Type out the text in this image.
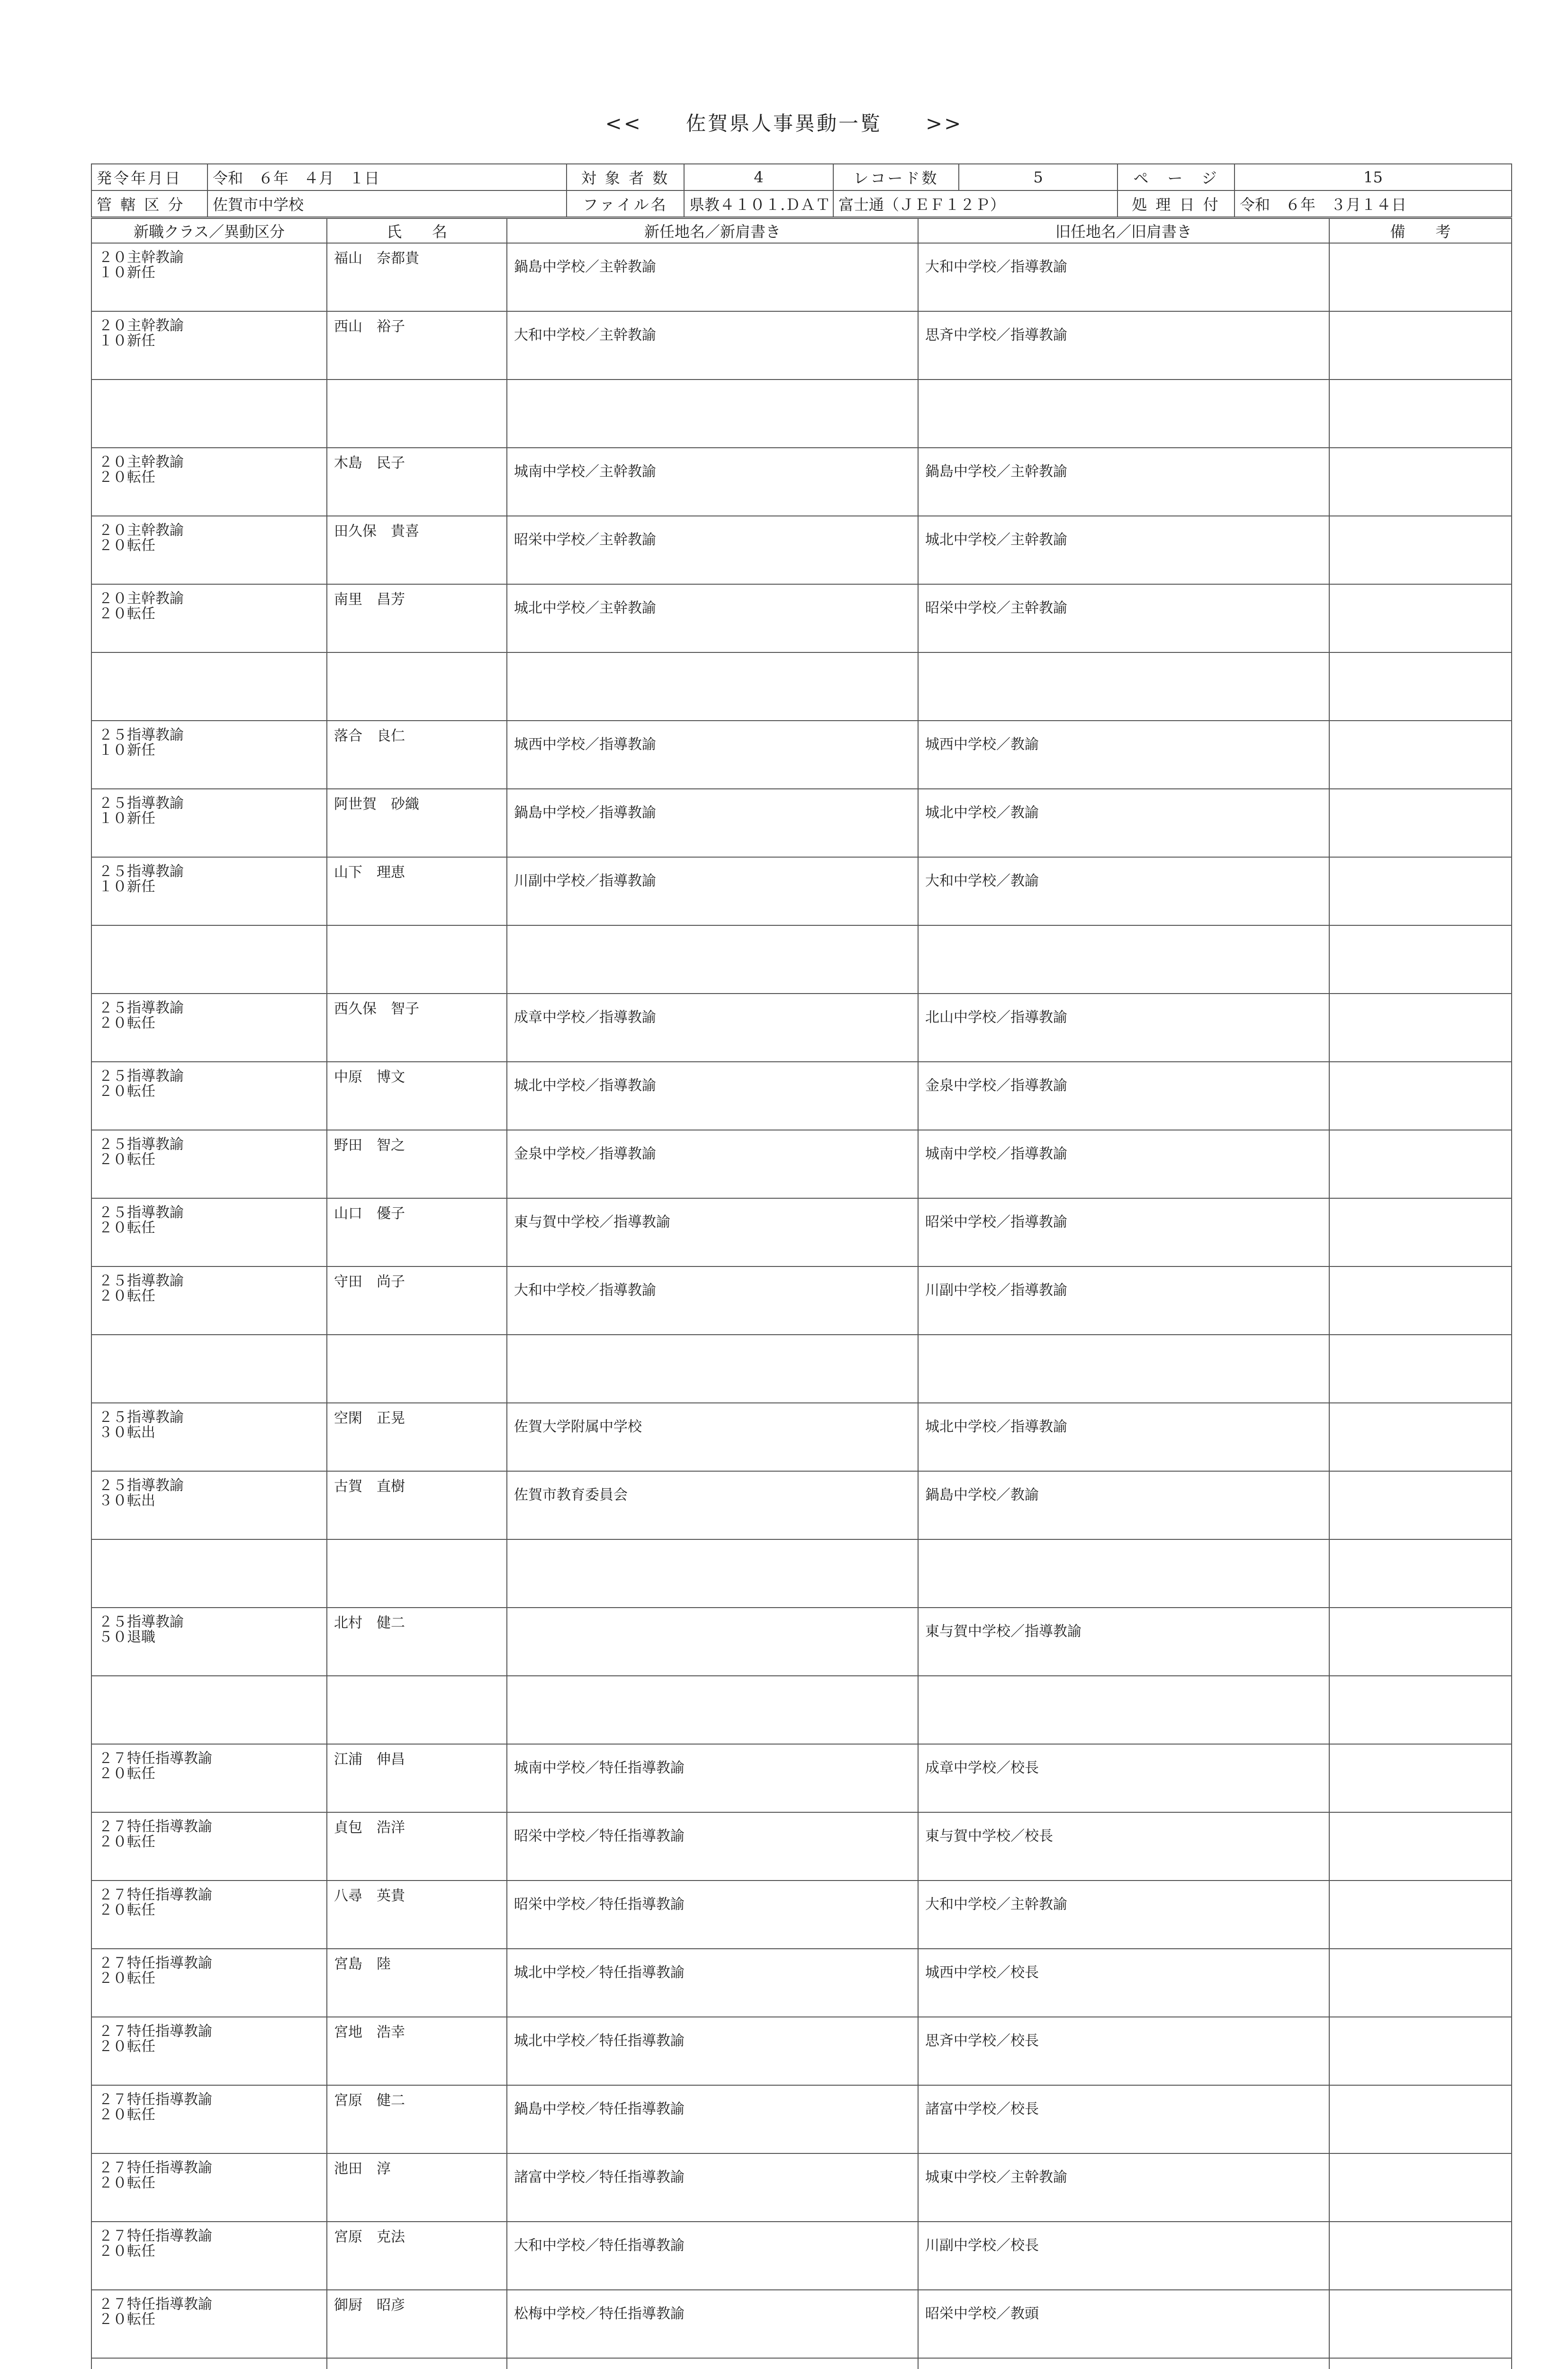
<<　　佐賀県人事異動一覧　　>>
発令年月日	令和　６年　４月　１日	対 象 者 数	4	レコード数	5	ペ　ー　ジ	15
管 轄 区 分	佐賀市中学校	ファイル名	県教４１０１.ＤＡＴ	富士通（ＪＥＦ１２Ｐ）		処 理 日 付	令和　６年　３月１４日
新職クラス／異動区分	氏　　名	新任地名／新肩書き	旧任地名／旧肩書き	備　　考

２０主幹教諭
１０新任	福山　奈都貴	鍋島中学校／主幹教諭	大和中学校／指導教諭	

２０主幹教諭
１０新任	西山　裕子	大和中学校／主幹教諭	思斉中学校／指導教諭	

２０主幹教諭
２０転任	木島　民子	城南中学校／主幹教諭	鍋島中学校／主幹教諭	

２０主幹教諭
２０転任	田久保　貴喜	昭栄中学校／主幹教諭	城北中学校／主幹教諭	

２０主幹教諭
２０転任	南里　昌芳	城北中学校／主幹教諭	昭栄中学校／主幹教諭	

２５指導教諭
１０新任	落合　良仁	城西中学校／指導教諭	城西中学校／教諭	

２５指導教諭
１０新任	阿世賀　砂織	鍋島中学校／指導教諭	城北中学校／教諭	

２５指導教諭
１０新任	山下　理恵	川副中学校／指導教諭	大和中学校／教諭	

２５指導教諭
２０転任	西久保　智子	成章中学校／指導教諭	北山中学校／指導教諭	

２５指導教諭
２０転任	中原　博文	城北中学校／指導教諭	金泉中学校／指導教諭	

２５指導教諭
２０転任	野田　智之	金泉中学校／指導教諭	城南中学校／指導教諭	

２５指導教諭
２０転任	山口　優子	東与賀中学校／指導教諭	昭栄中学校／指導教諭	

２５指導教諭
２０転任	守田　尚子	大和中学校／指導教諭	川副中学校／指導教諭	

２５指導教諭
３０転出	空閑　正晃	佐賀大学附属中学校	城北中学校／指導教諭	

２５指導教諭
３０転出	古賀　直樹	佐賀市教育委員会	鍋島中学校／教諭	

２５指導教諭
５０退職	北村　健二		東与賀中学校／指導教諭	

２７特任指導教諭
２０転任	江浦　伸昌	城南中学校／特任指導教諭	成章中学校／校長	

２７特任指導教諭
２０転任	貞包　浩洋	昭栄中学校／特任指導教諭	東与賀中学校／校長	

２７特任指導教諭
２０転任	八尋　英貴	昭栄中学校／特任指導教諭	大和中学校／主幹教諭	

２７特任指導教諭
２０転任	宮島　陸	城北中学校／特任指導教諭	城西中学校／校長	

２７特任指導教諭
２０転任	宮地　浩幸	城北中学校／特任指導教諭	思斉中学校／校長	

２７特任指導教諭
２０転任	宮原　健二	鍋島中学校／特任指導教諭	諸富中学校／校長	

２７特任指導教諭
２０転任	池田　淳	諸富中学校／特任指導教諭	城東中学校／主幹教諭	

２７特任指導教諭
２０転任	宮原　克法	大和中学校／特任指導教諭	川副中学校／校長	

２７特任指導教諭
２０転任	御厨　昭彦	松梅中学校／特任指導教諭	昭栄中学校／教頭	
